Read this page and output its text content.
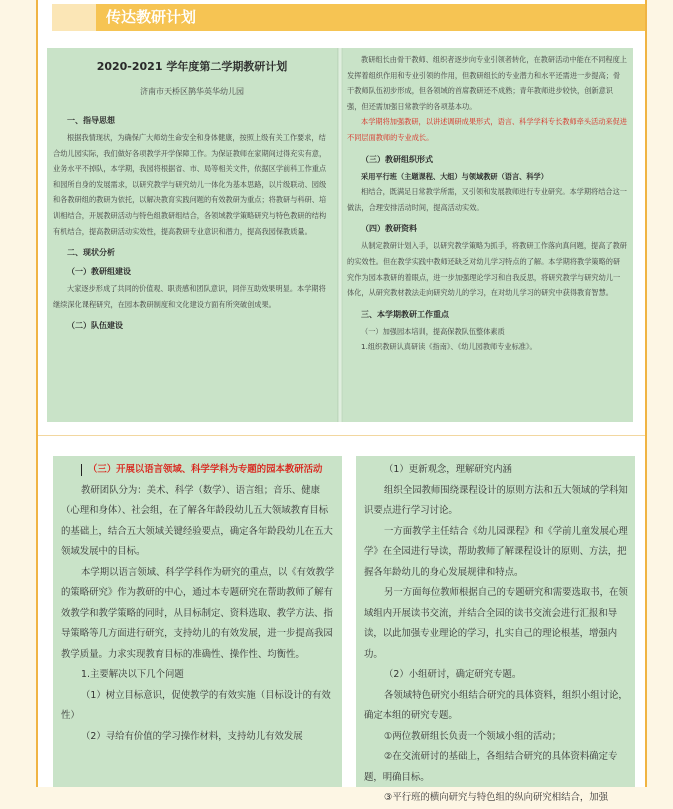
传达教研计划
2020-2021 学年度第二学期教研计划
济南市天桥区鹊华英华幼儿园

一、指导思想

根据我情现状，为确保广大师幼生命安全和身体健康，按照上级有关工作要求，结合幼儿园实际，我们做好各项教学开学保障工作。为保证教师在家期间过得充实有意，业务水平不掉队，本学期，我园将根据省、市、局等相关文件，依据区学前科工作重点和园所自身的发展需求，以研究教学与研究幼儿一体化为基本思路，以片级联动、园级和各教研组的教研为依托，以解决教育实践问题的有效教研为重点；将教研与科研、培训相结合，开展教研活动与特色组教研组结合，各领域教学策略研究与特色教研的结构有机结合，提高教研活动实效性，提高教研专业意识和潜力，提高我园保教质量。

二、现状分析

（一）教研组建设

大家逐步形成了共同的价值观、职责感和团队意识，同伴互助效果明显。本学期将继续深化课程研究，在园本教研制度和文化建设方面有所突破创成果。

（二）队伍建设

教研组长由骨干教师、组织者逐步向专业引领者转化，在教研活动中能在不同程度上发挥着组织作用和专业引领的作用，但教研组长的专业潜力和水平还需进一步提高；骨干教师队伍初步形成，但各领域的首席教研还不成熟；青年教师进步较快，创新意识强，但还需加强日常教学的各项基本功。

本学期将加强教研，以讲述调研成果形式，语言、科学学科专长教师牵头活动来促进不同层面教师的专业成长。

（三）教研组织形式

采用平行班（主题课程、大组）与领域教研（语言、科学）

相结合，既满足日常教学所需，又引领和发展教师进行专业研究。本学期将结合这一做法，合理安排活动时间，提高活动实效。

（四）教研资料

从制定教研计划入手，以研究教学策略为抓手，将教研工作落向真问题，提高了教研的实效性。但在教学实践中教师还缺乏对幼儿学习特点的了解。本学期将教学策略的研究作为园本教研的着眼点，进一步加强理论学习和自我反思，将研究教学与研究幼儿一体化，从研究教材教法走向研究幼儿的学习，在对幼儿学习的研究中获得教育智慧。

三、本学期教研工作重点

（一）加强园本培训，提高保教队伍整体素质

1.组织教研认真研读《指南》、《幼儿园教师专业标准》。

（三）开展以语言领域、科学学科为专题的园本教研活动

教研团队分为：美术、科学（数学）、语言组；音乐、健康（心理和身体）、社会组，在了解各年龄段幼儿五大领域教育目标的基础上，结合五大领域关键经验要点，确定各年龄段幼儿在五大领域发展中的目标。

本学期以语言领域、科学学科作为研究的重点，以《有效教学的策略研究》作为教研的中心，通过本专题研究在帮助教师了解有效教学和教学策略的同时，从目标制定、资料选取、教学方法、指导策略等几方面进行研究，支持幼儿的有效发展，进一步提高我园教学质量。力求实现教育目标的准确性、操作性、均衡性。

1.主要解决以下几个问题

（1）树立目标意识，促使教学的有效实施（目标设计的有效性）

（2）寻给有价值的学习操作材料，支持幼儿有效发展

（1）更新观念，理解研究内涵

组织全园教师围绕课程设计的原则方法和五大领域的学科知识要点进行学习讨论。

一方面教学主任结合《幼儿园课程》和《学前儿童发展心理学》在全园进行导读，帮助教师了解课程设计的原则、方法，把握各年龄幼儿的身心发展规律和特点。

另一方面每位教师根据自己的专题研究和需要选取书，在领域组内开展读书交流，并结合全园的读书交流会进行汇报和导读，以此加强专业理论的学习，扎实自己的理论根基，增强内功。

（2）小组研讨，确定研究专题。

各领域特色研究小组结合研究的具体资料，组织小组讨论，确定本组的研究专题。

①两位教研组长负责一个领域小组的活动；

②在交流研讨的基础上，各组结合研究的具体资料确定专题，明确目标。

③平行班的横向研究与特色组的纵向研究相结合，加强
